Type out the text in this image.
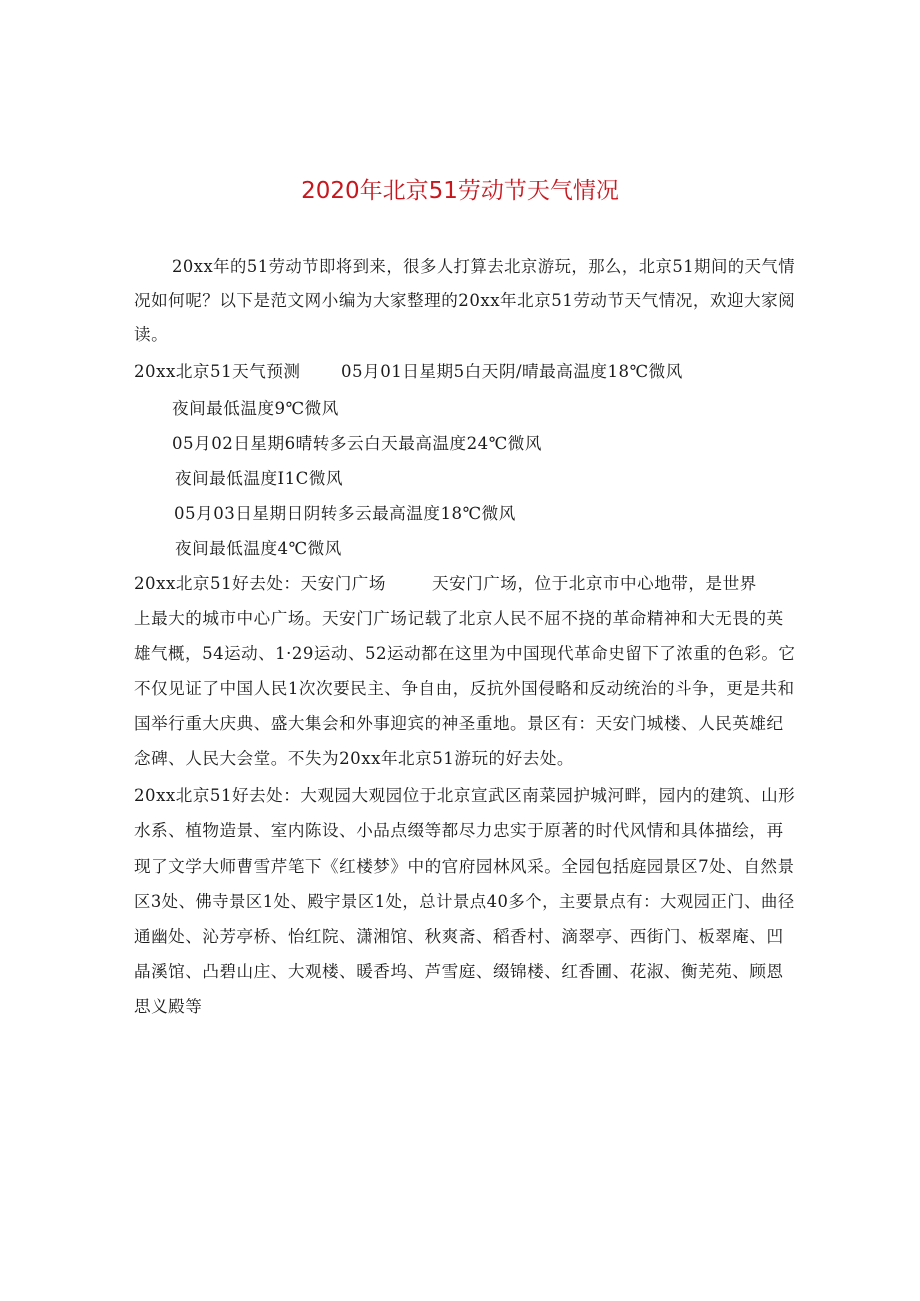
2020年北京51劳动节天气情况
20xx年的51劳动节即将到来，很多人打算去北京游玩，那么，北京51期间的天气情
况如何呢？以下是范文网小编为大家整理的20xx年北京51劳动节天气情况，欢迎大家阅
读。
20xx北京51天气预测 05月01日星期5白天阴/晴最高温度18℃微风
夜间最低温度9℃微风
05月02日星期6晴转多云白天最高温度24℃微风
夜间最低温度I1C微风
05月03日星期日阴转多云最高温度18℃微风
夜间最低温度4℃微风
20xx北京51好去处：天安门广场	天安门广场，位于北京市中心地带，是世界
上最大的城市中心广场。天安门广场记载了北京人民不屈不挠的革命精神和大无畏的英
雄气概，54运动、1·29运动、52运动都在这里为中国现代革命史留下了浓重的色彩。它
不仅见证了中国人民1次次要民主、争自由，反抗外国侵略和反动统治的斗争，更是共和
国举行重大庆典、盛大集会和外事迎宾的神圣重地。景区有：天安门城楼、人民英雄纪
念碑、人民大会堂。不失为20xx年北京51游玩的好去处。
20xx北京51好去处：大观园大观园位于北京宣武区南菜园护城河畔，园内的建筑、山形
水系、植物造景、室内陈设、小品点缀等都尽力忠实于原著的时代风情和具体描绘，再
现了文学大师曹雪芹笔下《红楼梦》中的官府园林风采。全园包括庭园景区7处、自然景
区3处、佛寺景区1处、殿宇景区1处，总计景点40多个，主要景点有：大观园正门、曲径
通幽处、沁芳亭桥、怡红院、潇湘馆、秋爽斋、稻香村、滴翠亭、西街门、板翠庵、凹
晶溪馆、凸碧山庄、大观楼、暖香坞、芦雪庭、缀锦楼、红香圃、花淑、衡芜苑、顾恩
思义殿等
